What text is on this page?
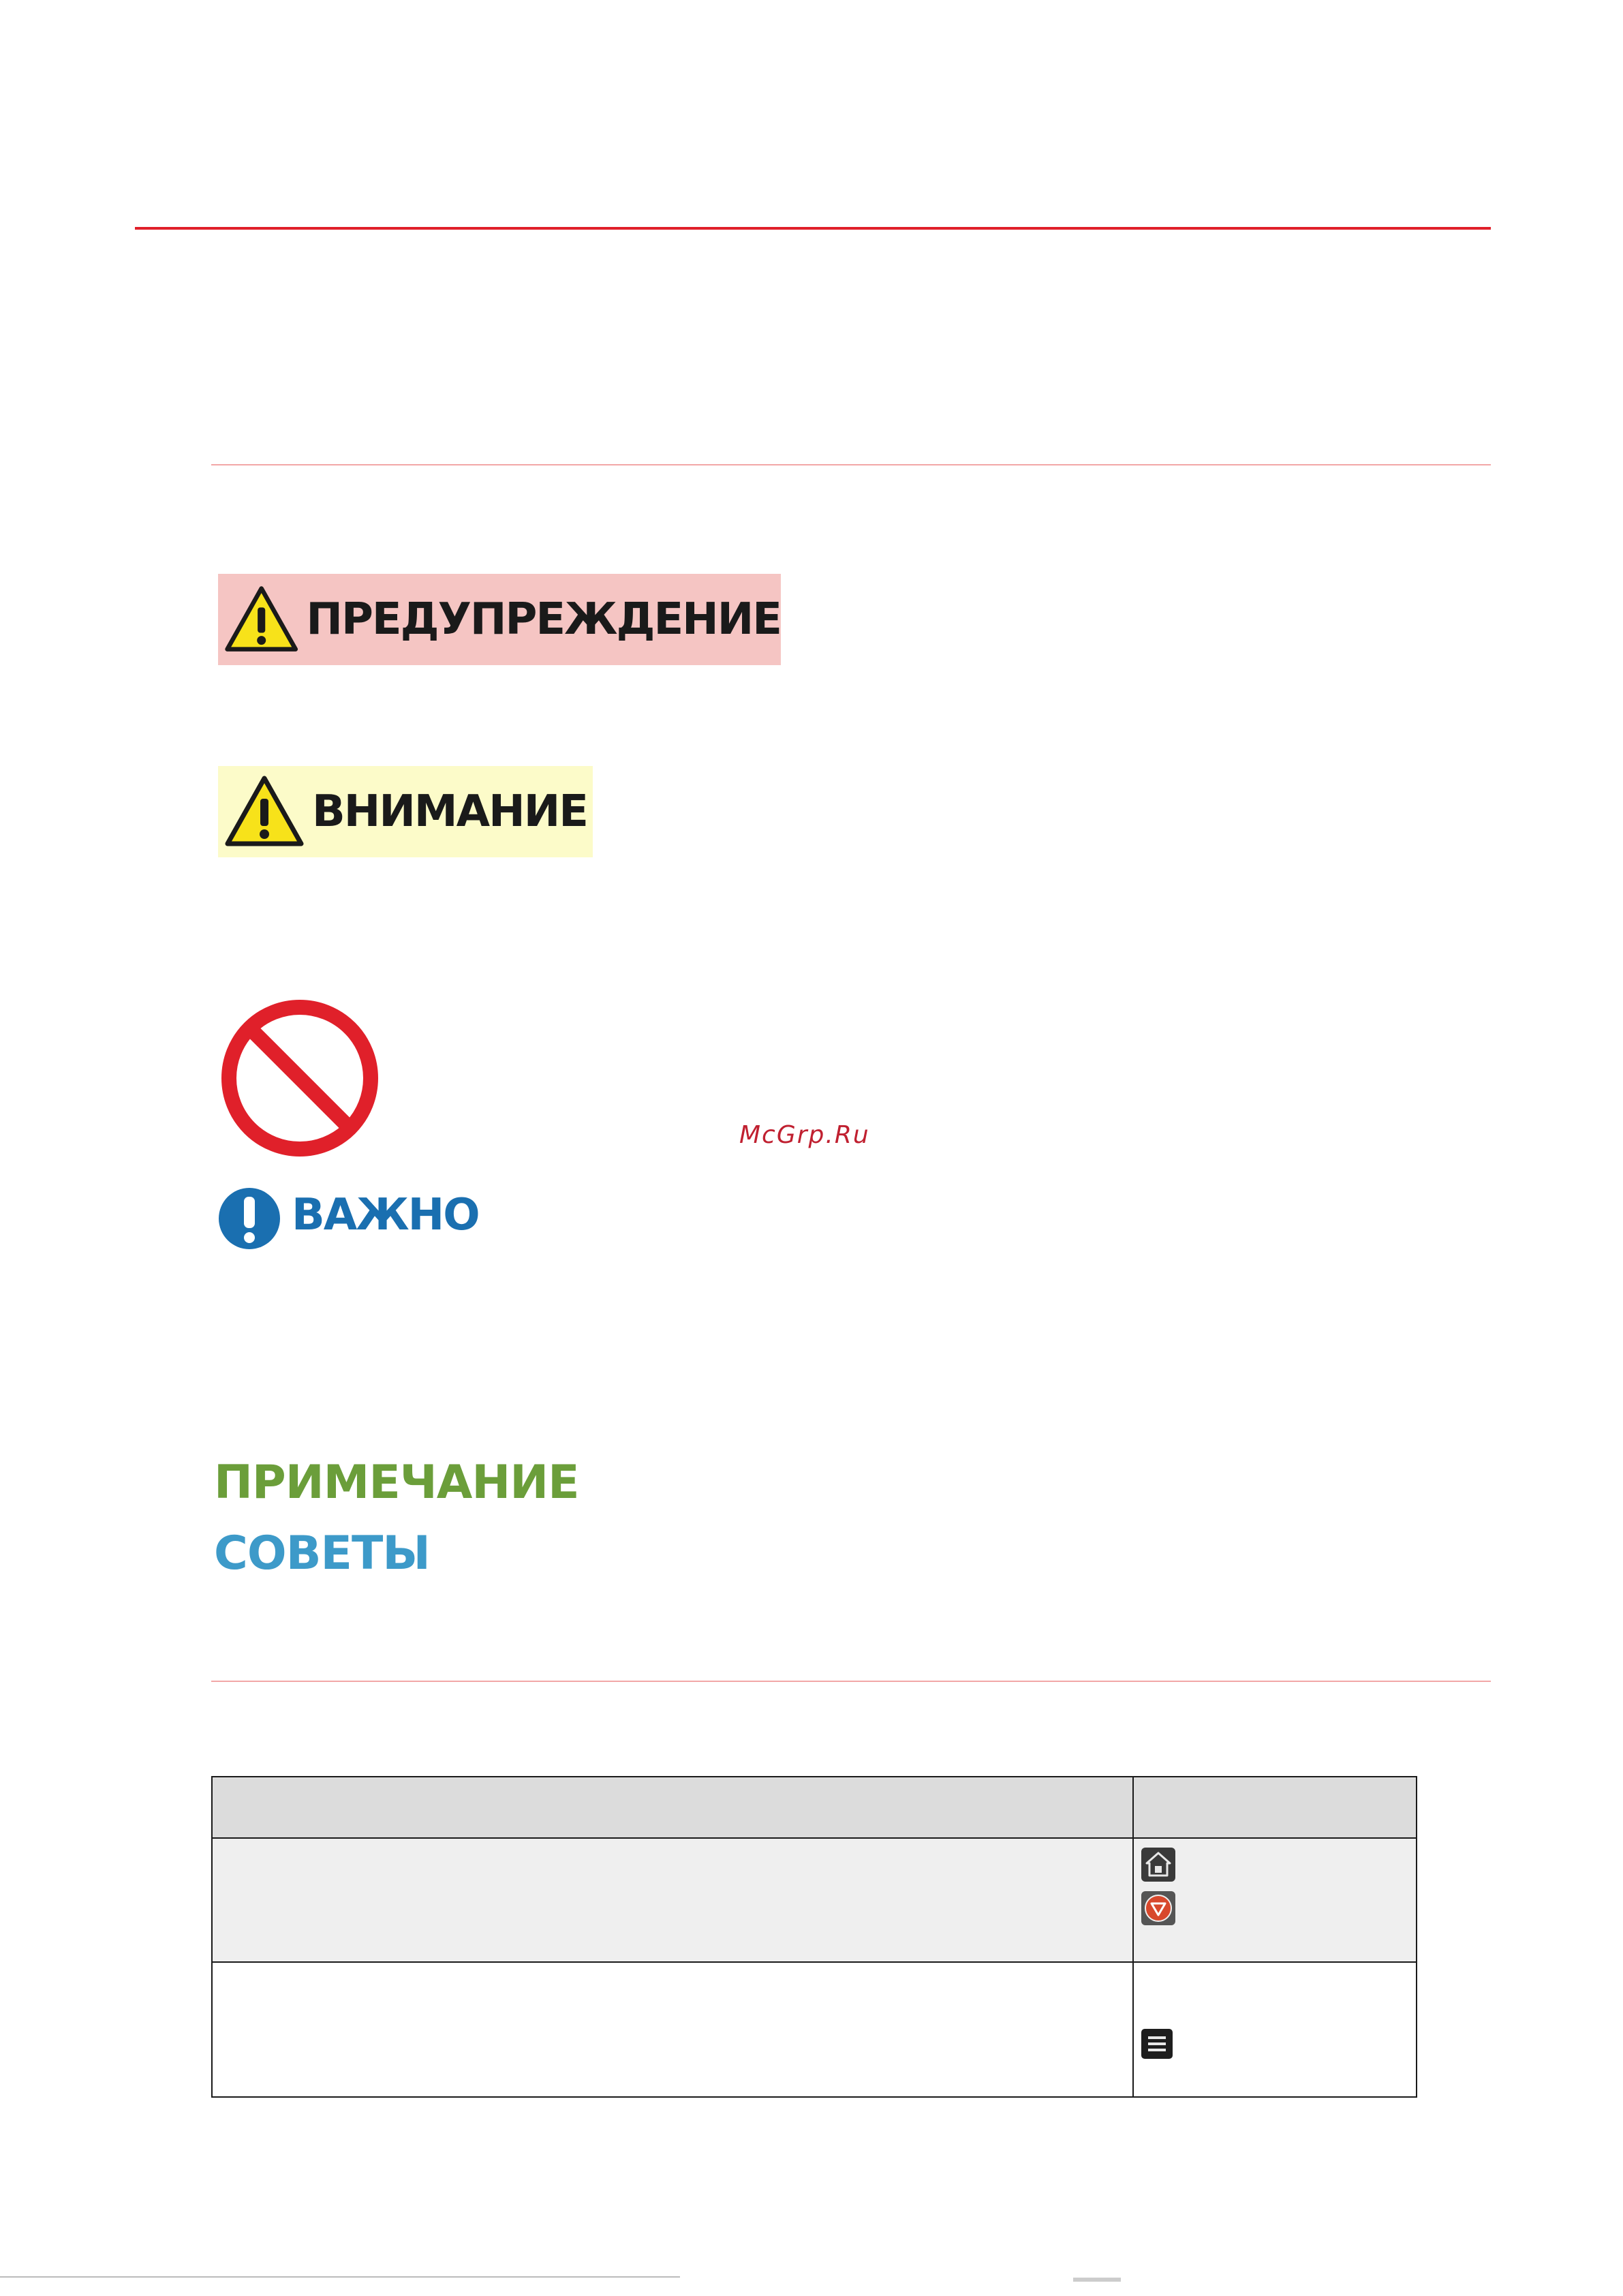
ПРЕДУПРЕЖДЕНИЕ
ВНИМАНИЕ
McGrp.Ru
ВАЖНО
ПРИМЕЧАНИЕ
СОВЕТЫ
